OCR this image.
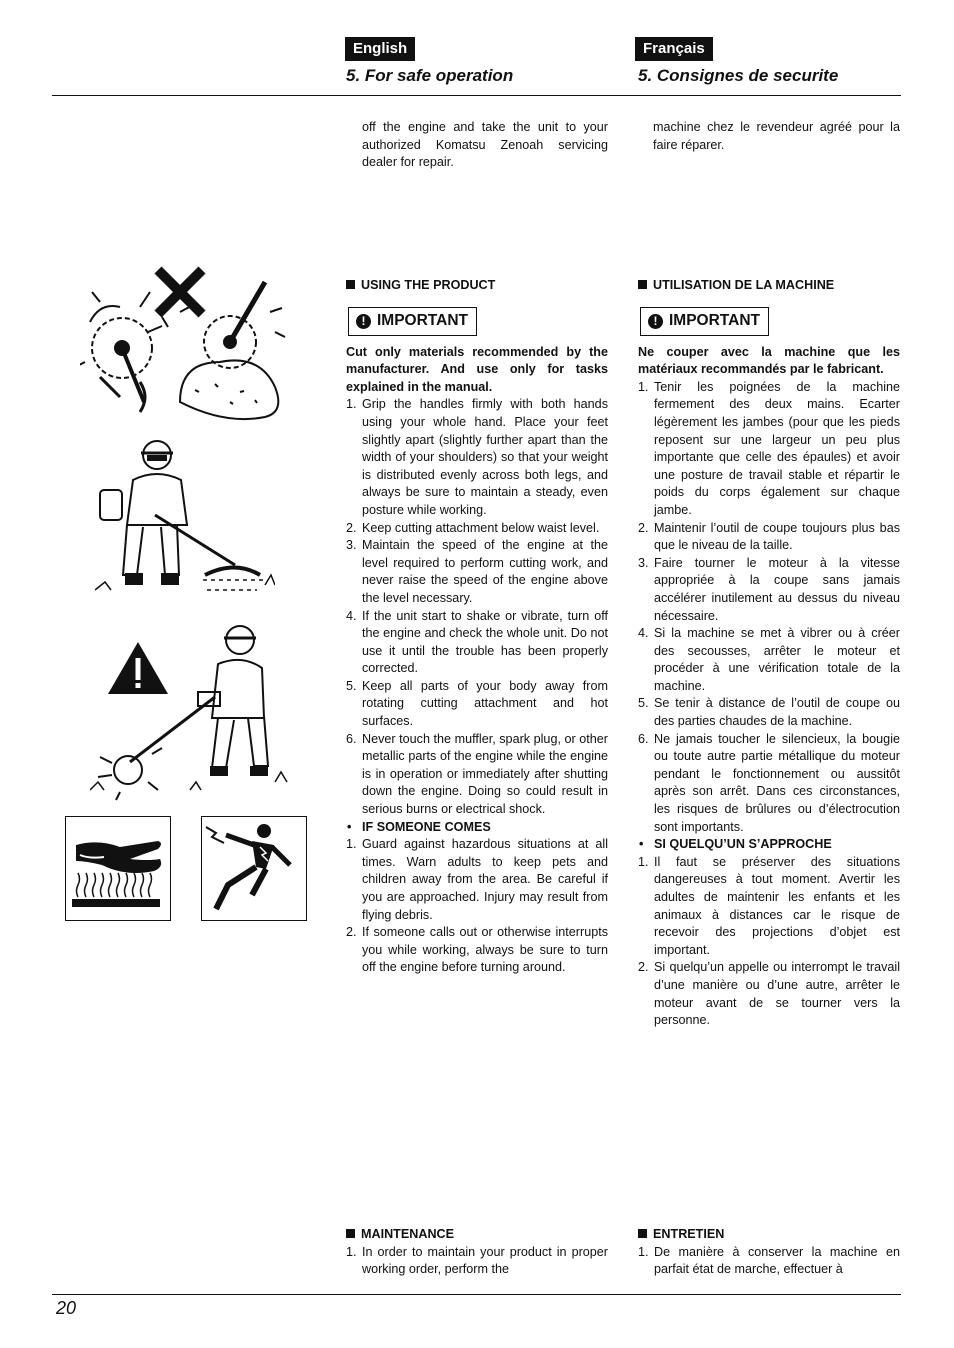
English	Français
5. For safe operation	5. Consignes de securite

off the engine and take the unit to your authorized Komatsu Zenoah servicing dealer for repair.

machine chez le revendeur agréé pour la faire réparer.

USING THE PRODUCT

! IMPORTANT

Cut only materials recommended by the manufacturer. And use only for tasks explained in the manual.

1. Grip the handles firmly with both hands using your whole hand. Place your feet slightly apart (slightly further apart than the width of your shoulders) so that your weight is distributed evenly across both legs, and always be sure to maintain a steady, even posture while working.
2. Keep cutting attachment below waist level.
3. Maintain the speed of the engine at the level required to perform cutting work, and never raise the speed of the engine above the level necessary.
4. If the unit start to shake or vibrate, turn off the engine and check the whole unit. Do not use it until the trouble has been properly corrected.
5. Keep all parts of your body away from rotating cutting attachment and hot surfaces.
6. Never touch the muffler, spark plug, or other metallic parts of the engine while the engine is in operation or immediately after shutting down the engine. Doing so could result in serious burns or electrical shock.

• IF SOMEONE COMES

1. Guard against hazardous situations at all times. Warn adults to keep pets and children away from the area. Be careful if you are approached. Injury may result from flying debris.
2. If someone calls out or otherwise interrupts you while working, always be sure to turn off the engine before turning around.

UTILISATION DE LA MACHINE

! IMPORTANT

Ne couper avec la machine que les matériaux recommandés par le fabricant.

1. Tenir les poignées de la machine fermement des deux mains. Ecarter légèrement les jambes (pour que les pieds reposent sur une largeur un peu plus importante que celle des épaules) et avoir une posture de travail stable et répartir le poids du corps également sur chaque jambe.
2. Maintenir l’outil de coupe toujours plus bas que le niveau de la taille.
3. Faire tourner le moteur à la vitesse appropriée à la coupe sans jamais accélérer inutilement au dessus du niveau nécessaire.
4. Si la machine se met à vibrer ou à créer des secousses, arrêter le moteur et procéder à une vérification totale de la machine.
5. Se tenir à distance de l’outil de coupe ou des parties chaudes de la machine.
6. Ne jamais toucher le silencieux, la bougie ou toute autre partie métallique du moteur pendant le fonctionnement ou aussitôt après son arrêt. Dans ces circonstances, les risques de brûlures ou d’électrocution sont importants.

• SI QUELQU’UN S’APPROCHE

1. Il faut se préserver des situations dangereuses à tout moment. Avertir les adultes de maintenir les enfants et les animaux à distances car le risque de recevoir des projections d’objet est important.
2. Si quelqu’un appelle ou interrompt le travail d’une manière ou d’une autre, arrêter le moteur avant de se tourner vers la personne.

MAINTENANCE

1. In order to maintain your product in proper working order, perform the

ENTRETIEN

1. De manière à conserver la machine en parfait état de marche, effectuer à
20
